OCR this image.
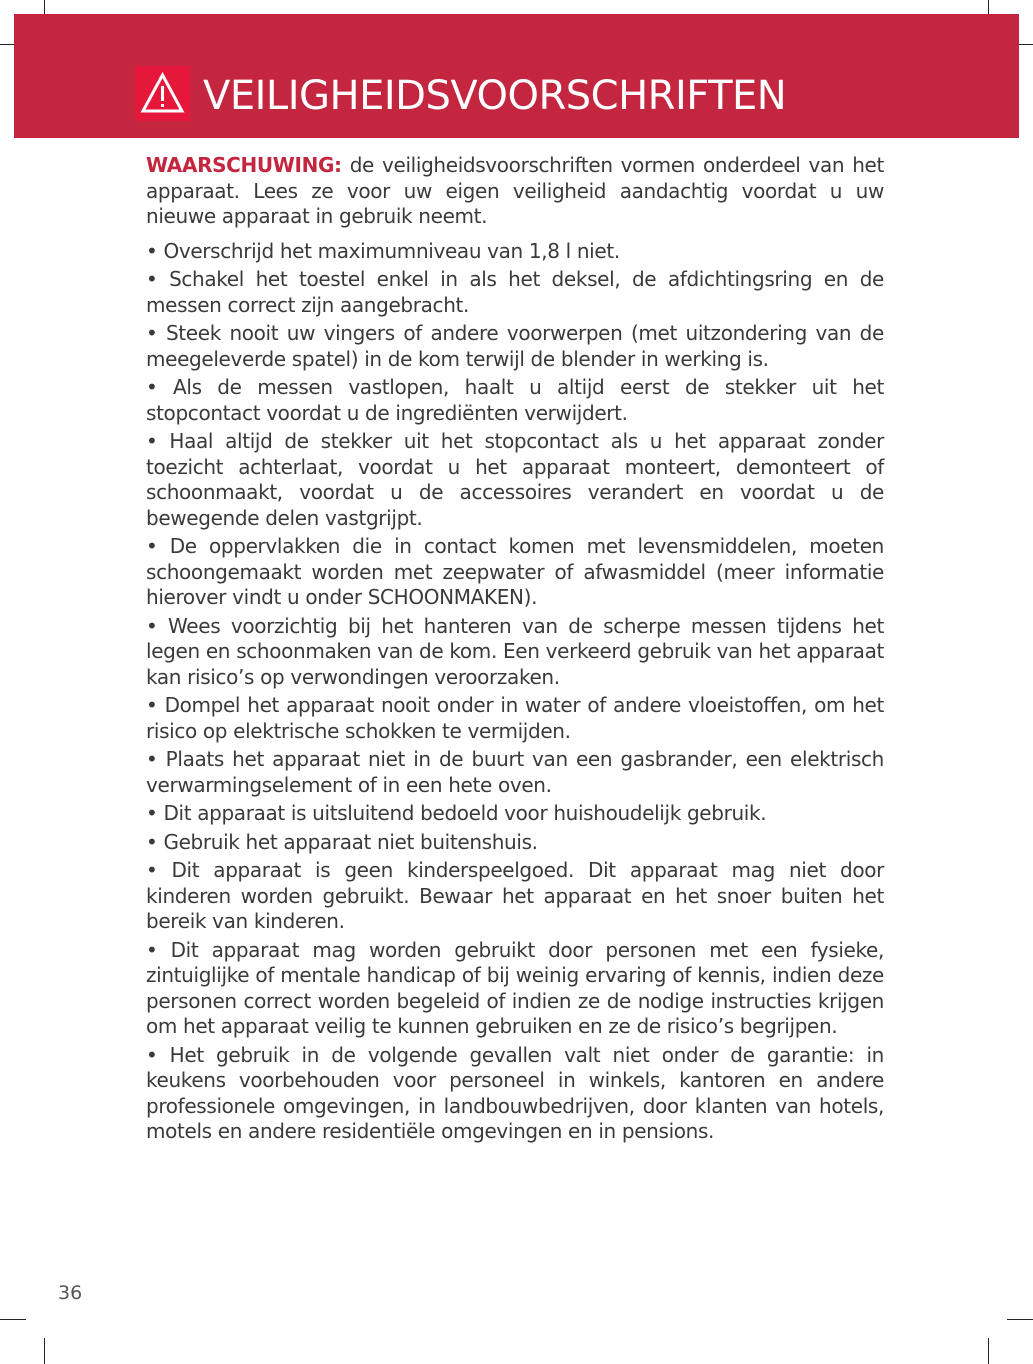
VEILIGHEIDSVOORSCHRIFTEN

WAARSCHUWING: de veiligheidsvoorschriften vormen onderdeel van het apparaat. Lees ze voor uw eigen veiligheid aandachtig voordat u uw nieuwe apparaat in gebruik neemt.

• Overschrijd het maximumniveau van 1,8 l niet.

• Schakel het toestel enkel in als het deksel, de afdichtingsring en de messen correct zijn aangebracht.

• Steek nooit uw vingers of andere voorwerpen (met uitzondering van de meegeleverde spatel) in de kom terwijl de blender in werking is.

• Als de messen vastlopen, haalt u altijd eerst de stekker uit het stopcontact voordat u de ingrediënten verwijdert.

• Haal altijd de stekker uit het stopcontact als u het apparaat zonder toezicht achterlaat, voordat u het apparaat monteert, demonteert of schoonmaakt, voordat u de accessoires verandert en voordat u de bewegende delen vastgrijpt.

• De oppervlakken die in contact komen met levensmiddelen, moeten schoongemaakt worden met zeepwater of afwasmiddel (meer informatie hierover vindt u onder SCHOONMAKEN).

• Wees voorzichtig bij het hanteren van de scherpe messen tijdens het legen en schoonmaken van de kom. Een verkeerd gebruik van het apparaat kan risico’s op verwondingen veroorzaken.

• Dompel het apparaat nooit onder in water of andere vloeistoffen, om het risico op elektrische schokken te vermijden.

• Plaats het apparaat niet in de buurt van een gasbrander, een elektrisch verwarmingselement of in een hete oven.

• Dit apparaat is uitsluitend bedoeld voor huishoudelijk gebruik.

• Gebruik het apparaat niet buitenshuis.

• Dit apparaat is geen kinderspeelgoed. Dit apparaat mag niet door kinderen worden gebruikt. Bewaar het apparaat en het snoer buiten het bereik van kinderen.

• Dit apparaat mag worden gebruikt door personen met een fysieke, zintuiglijke of mentale handicap of bij weinig ervaring of kennis, indien deze personen correct worden begeleid of indien ze de nodige instructies krijgen om het apparaat veilig te kunnen gebruiken en ze de risico’s begrijpen.

• Het gebruik in de volgende gevallen valt niet onder de garantie: in keukens voorbehouden voor personeel in winkels, kantoren en andere professionele omgevingen, in landbouwbedrijven, door klanten van hotels, motels en andere residentiële omgevingen en in pensions.

36
